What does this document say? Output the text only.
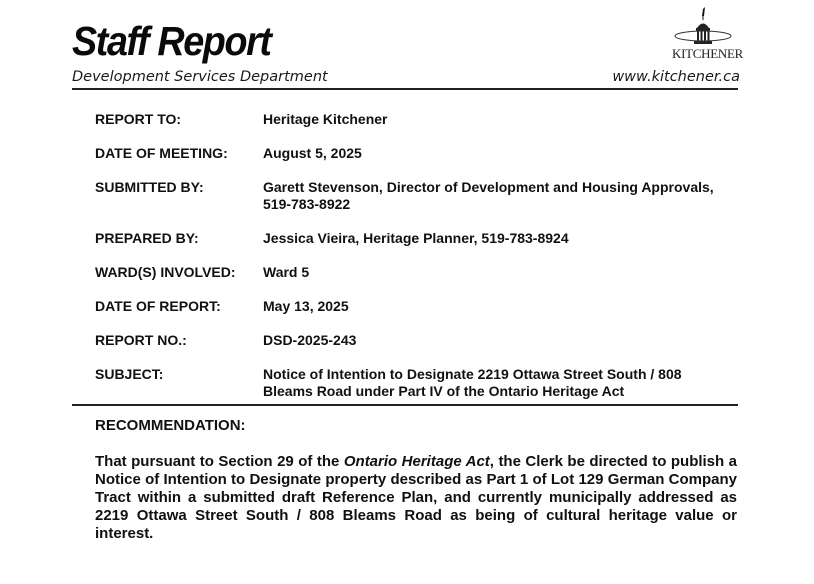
Staff Report
Development Services Department	www.kitchener.ca
KITCHENER
REPORT TO:	Heritage Kitchener
DATE OF MEETING:	August 5, 2025
SUBMITTED BY:	Garett Stevenson, Director of Development and Housing Approvals, 519-783-8922
PREPARED BY:	Jessica Vieira, Heritage Planner, 519-783-8924
WARD(S) INVOLVED:	Ward 5
DATE OF REPORT:	May 13, 2025
REPORT NO.:	DSD-2025-243
SUBJECT:	Notice of Intention to Designate 2219 Ottawa Street South / 808 Bleams Road under Part IV of the Ontario Heritage Act
RECOMMENDATION:
That pursuant to Section 29 of the Ontario Heritage Act, the Clerk be directed to publish a Notice of Intention to Designate property described as Part 1 of Lot 129 German Company Tract within a submitted draft Reference Plan, and currently municipally addressed as 2219 Ottawa Street South / 808 Bleams Road as being of cultural heritage value or interest.
